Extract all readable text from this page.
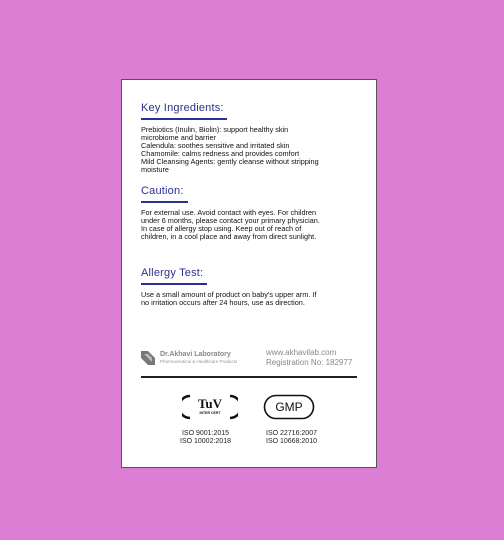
Key Ingredients:
Prebiotics (Inulin, Biolin): support healthy skin
microbiome and barrier
Calendula: soothes sensitive and irritated skin
Chamomile: calms redness and provides comfort
Mild Cleansing Agents: gently cleanse without stripping
moisture
Caution:
For external use. Avoid contact with eyes. For children
under 6 months, please contact your primary physician.
In case of allergy stop using. Keep out of reach of
children, in a cool place and away from direct sunlight.
Allergy Test:
Use a small amount of product on baby's upper arm. If
no irritation occurs after 24 hours, use as direction.
Dr.Akhavi Laboratory
Pharmaceutical & Healthcare Products
www.akhavilab.com
Registration No: 182977
TuV
INTER CERT	GMP
ISO 9001:2015
ISO 10002:2018
ISO 22716:2007
ISO 10668:2010
